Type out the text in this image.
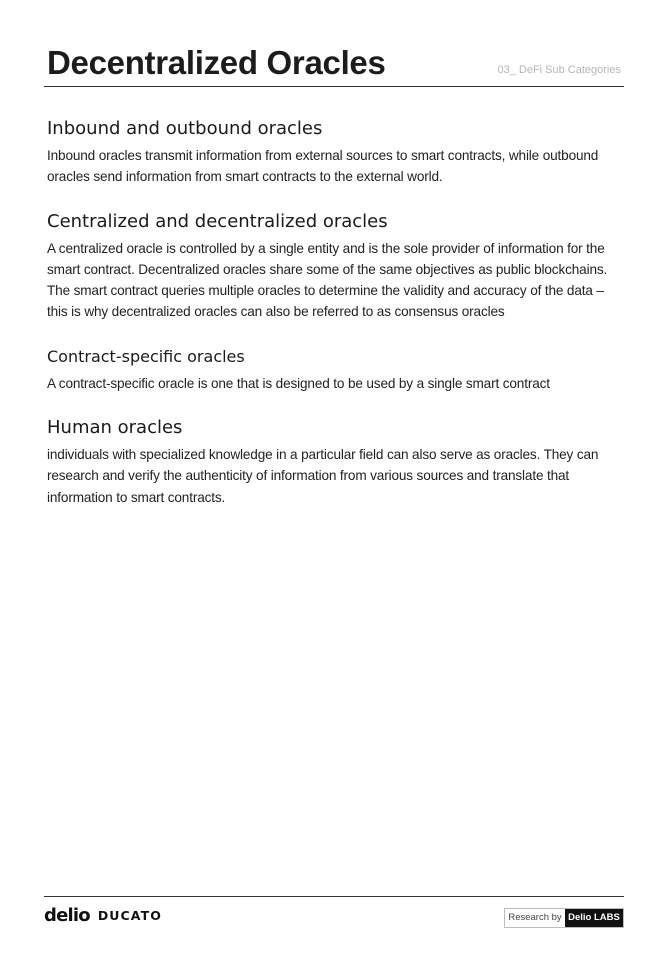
Decentralized Oracles	03_ DeFi Sub Categories
Inbound and outbound oracles

Inbound oracles transmit information from external sources to smart contracts, while outbound oracles send information from smart contracts to the external world.

Centralized and decentralized oracles

A centralized oracle is controlled by a single entity and is the sole provider of information for the smart contract. Decentralized oracles share some of the same objectives as public blockchains. The smart contract queries multiple oracles to determine the validity and accuracy of the data – this is why decentralized oracles can also be referred to as consensus oracles

Contract-specific oracles

A contract-specific oracle is one that is designed to be used by a single smart contract

Human oracles

individuals with specialized knowledge in a particular field can also serve as oracles. They can research and verify the authenticity of information from various sources and translate that information to smart contracts.

delio DUCATO	Research by Delio LABS
